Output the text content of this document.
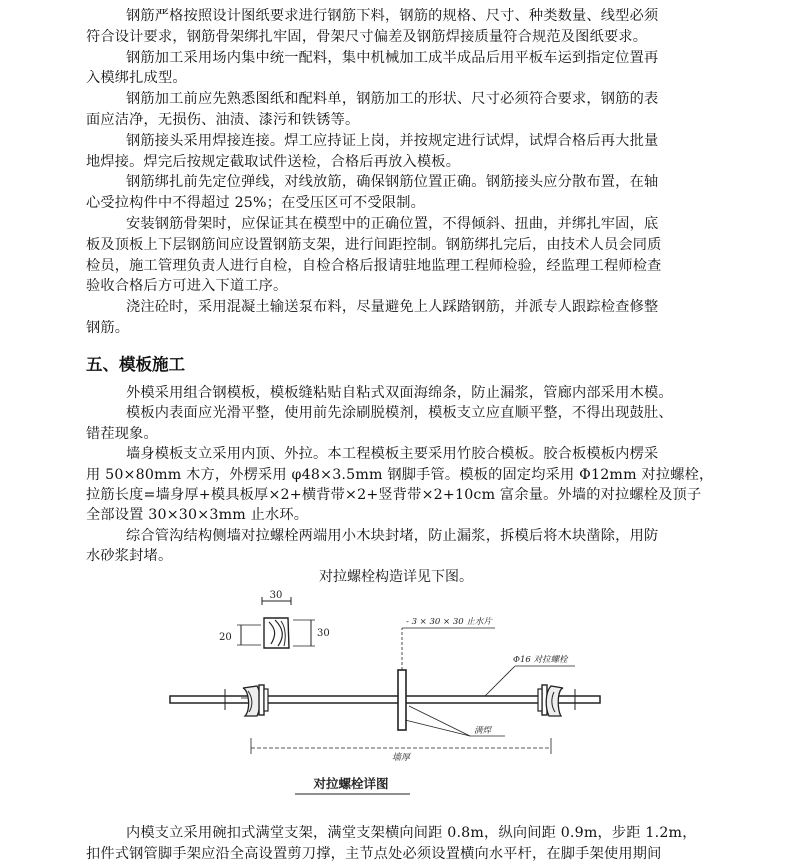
钢筋严格按照设计图纸要求进行钢筋下料，钢筋的规格、尺寸、种类数量、线型必须
符合设计要求，钢筋骨架绑扎牢固，骨架尺寸偏差及钢筋焊接质量符合规范及图纸要求。
钢筋加工采用场内集中统一配料，集中机械加工成半成品后用平板车运到指定位置再
入模绑扎成型。
钢筋加工前应先熟悉图纸和配料单，钢筋加工的形状、尺寸必须符合要求，钢筋的表
面应洁净，无损伤、油渍、漆污和铁锈等。
钢筋接头采用焊接连接。焊工应持证上岗，并按规定进行试焊，试焊合格后再大批量
地焊接。焊完后按规定截取试件送检，合格后再放入模板。
钢筋绑扎前先定位弹线，对线放筋，确保钢筋位置正确。钢筋接头应分散布置，在轴
心受拉构件中不得超过 25%；在受压区可不受限制。
安装钢筋骨架时，应保证其在模型中的正确位置，不得倾斜、扭曲，并绑扎牢固，底
板及顶板上下层钢筋间应设置钢筋支架，进行间距控制。钢筋绑扎完后，由技术人员会同质
检员，施工管理负责人进行自检，自检合格后报请驻地监理工程师检验，经监理工程师检查
验收合格后方可进入下道工序。
浇注砼时，采用混凝土输送泵布料，尽量避免上人踩踏钢筋，并派专人跟踪检查修整
钢筋。
五、模板施工
外模采用组合钢模板，模板缝粘贴自粘式双面海绵条，防止漏浆，管廊内部采用木模。
模板内表面应光滑平整，使用前先涂刷脱模剂，模板支立应直顺平整，不得出现鼓肚、
错茬现象。
墙身模板支立采用内顶、外拉。本工程模板主要采用竹胶合模板。胶合板模板内楞采
用 50×80mm 木方，外楞采用 φ48×3.5mm 钢脚手管。模板的固定均采用 Φ12mm 对拉螺栓，
拉筋长度=墙身厚+模具板厚×2+横背带×2+竖背带×2+10cm 富余量。外墙的对拉螺栓及顶子
全部设置 30×30×3mm 止水环。
综合管沟结构侧墙对拉螺栓两端用小木块封堵，防止漏浆，拆模后将木块凿除，用防
水砂浆封堵。
对拉螺栓构造详见下图。
30
20	30
- 3 × 30 × 30 止水片
Φ16 对拉螺栓
满焊
墙厚
对拉螺栓详图
内模支立采用碗扣式满堂支架，满堂支架横向间距 0.8m，纵向间距 0.9m，步距 1.2m，
扣件式钢管脚手架应沿全高设置剪刀撑，主节点处必须设置横向水平杆，在脚手架使用期间
